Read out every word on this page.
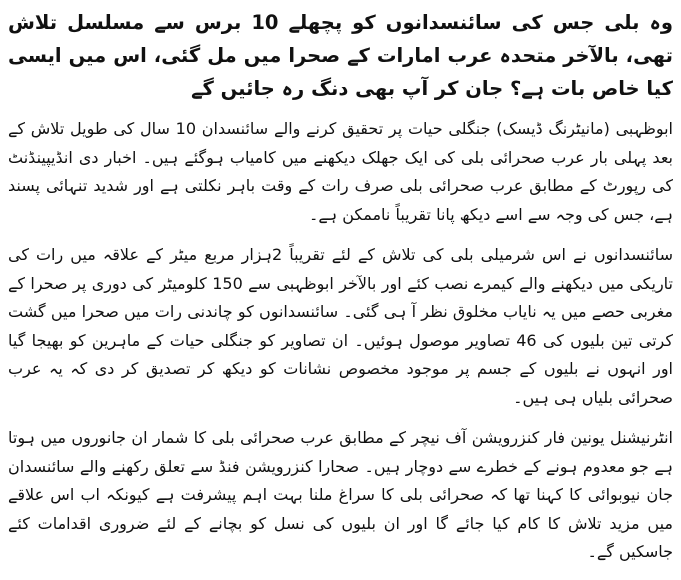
وہ بلی جس کی سائنسدانوں کو پچھلے 10 برس سے مسلسل تلاش تھی، بالآخر متحدہ عرب امارات کے صحرا میں مل گئی، اس میں ایسی کیا خاص بات ہے؟ جان کر آپ بھی دنگ رہ جائیں گے

ابوظہبی (مانیٹرنگ ڈیسک) جنگلی حیات پر تحقیق کرنے والے سائنسدان 10 سال کی طویل تلاش کے بعد پہلی بار عرب صحرائی بلی کی ایک جھلک دیکھنے میں کامیاب ہوگئے ہیں۔ اخبار دی انڈیپینڈنٹ کی رپورٹ کے مطابق عرب صحرائی بلی صرف رات کے وقت باہر نکلتی ہے اور شدید تنہائی پسند ہے، جس کی وجہ سے اسے دیکھ پانا تقریباً ناممکن ہے۔

سائنسدانوں نے اس شرمیلی بلی کی تلاش کے لئے تقریباً 2ہزار مربع میٹر کے علاقہ میں رات کی تاریکی میں دیکھنے والے کیمرے نصب کئے اور بالآخر ابوظہبی سے 150 کلومیٹر کی دوری پر صحرا کے مغربی حصے میں یہ نایاب مخلوق نظر آ ہی گئی۔ سائنسدانوں کو چاندنی رات میں صحرا میں گشت کرتی تین بلیوں کی 46 تصاویر موصول ہوئیں۔ ان تصاویر کو جنگلی حیات کے ماہرین کو بھیجا گیا اور انہوں نے بلیوں کے جسم پر موجود مخصوص نشانات کو دیکھ کر تصدیق کر دی کہ یہ عرب صحرائی بلیاں ہی ہیں۔

انٹرنیشنل یونین فار کنزرویشن آف نیچر کے مطابق عرب صحرائی بلی کا شمار ان جانوروں میں ہوتا ہے جو معدوم ہونے کے خطرے سے دوچار ہیں۔ صحارا کنزرویشن فنڈ سے تعلق رکھنے والے سائنسدان جان نیوبوائی کا کہنا تھا کہ صحرائی بلی کا سراغ ملنا بہت اہم پیشرفت ہے کیونکہ اب اس علاقے میں مزید تلاش کا کام کیا جائے گا اور ان بلیوں کی نسل کو بچانے کے لئے ضروری اقدامات کئے جاسکیں گے۔
